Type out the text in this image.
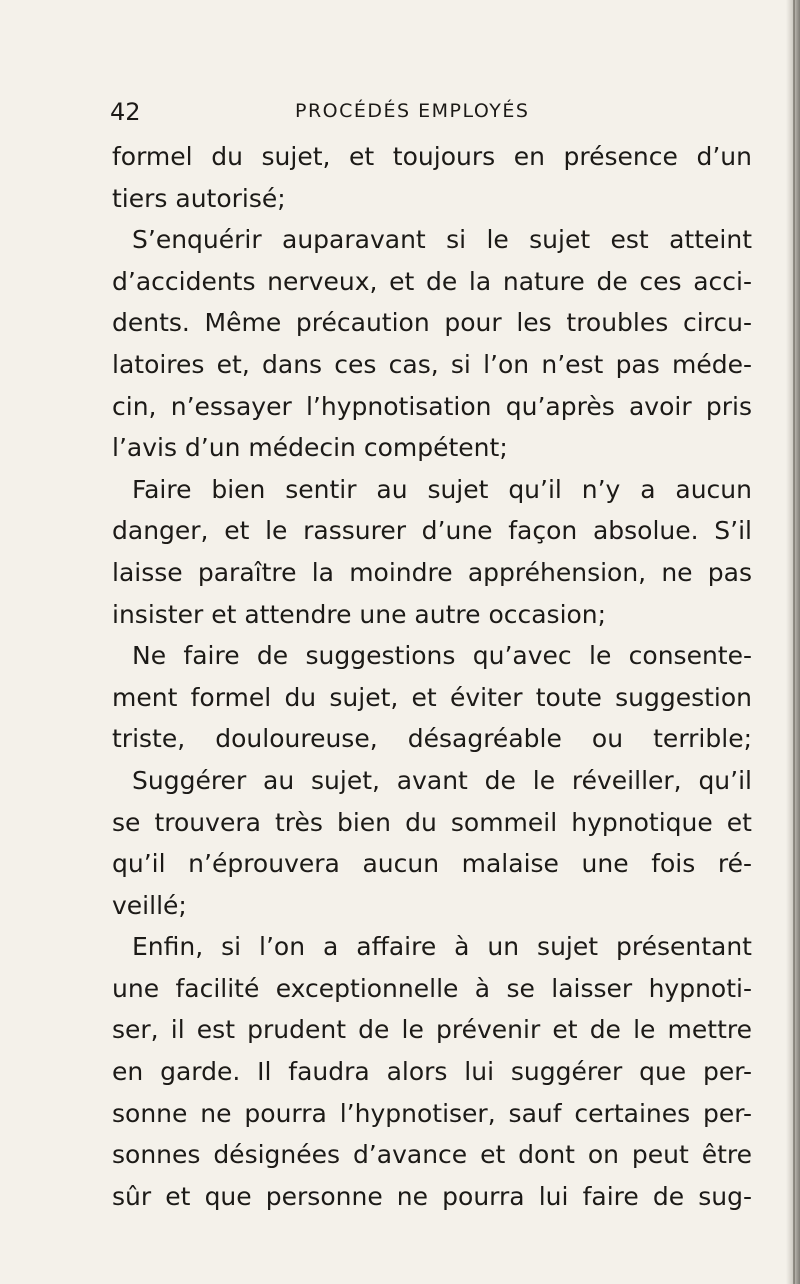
42	PROCÉDÉS EMPLOYÉS
formel du sujet, et toujours en présence d’un
tiers autorisé;
S’enquérir auparavant si le sujet est atteint
d’accidents nerveux, et de la nature de ces acci-
dents. Même précaution pour les troubles circu-
latoires et, dans ces cas, si l’on n’est pas méde-
cin, n’essayer l’hypnotisation qu’après avoir pris
l’avis d’un médecin compétent;
Faire bien sentir au sujet qu’il n’y a aucun
danger, et le rassurer d’une façon absolue. S’il
laisse paraître la moindre appréhension, ne pas
insister et attendre une autre occasion;
Ne faire de suggestions qu’avec le consente-
ment formel du sujet, et éviter toute suggestion
triste, douloureuse, désagréable ou terrible;
Suggérer au sujet, avant de le réveiller, qu’il
se trouvera très bien du sommeil hypnotique et
qu’il n’éprouvera aucun malaise une fois ré-
veillé;
Enfin, si l’on a affaire à un sujet présentant
une facilité exceptionnelle à se laisser hypnoti-
ser, il est prudent de le prévenir et de le mettre
en garde. Il faudra alors lui suggérer que per-
sonne ne pourra l’hypnotiser, sauf certaines per-
sonnes désignées d’avance et dont on peut être
sûr et que personne ne pourra lui faire de sug-
